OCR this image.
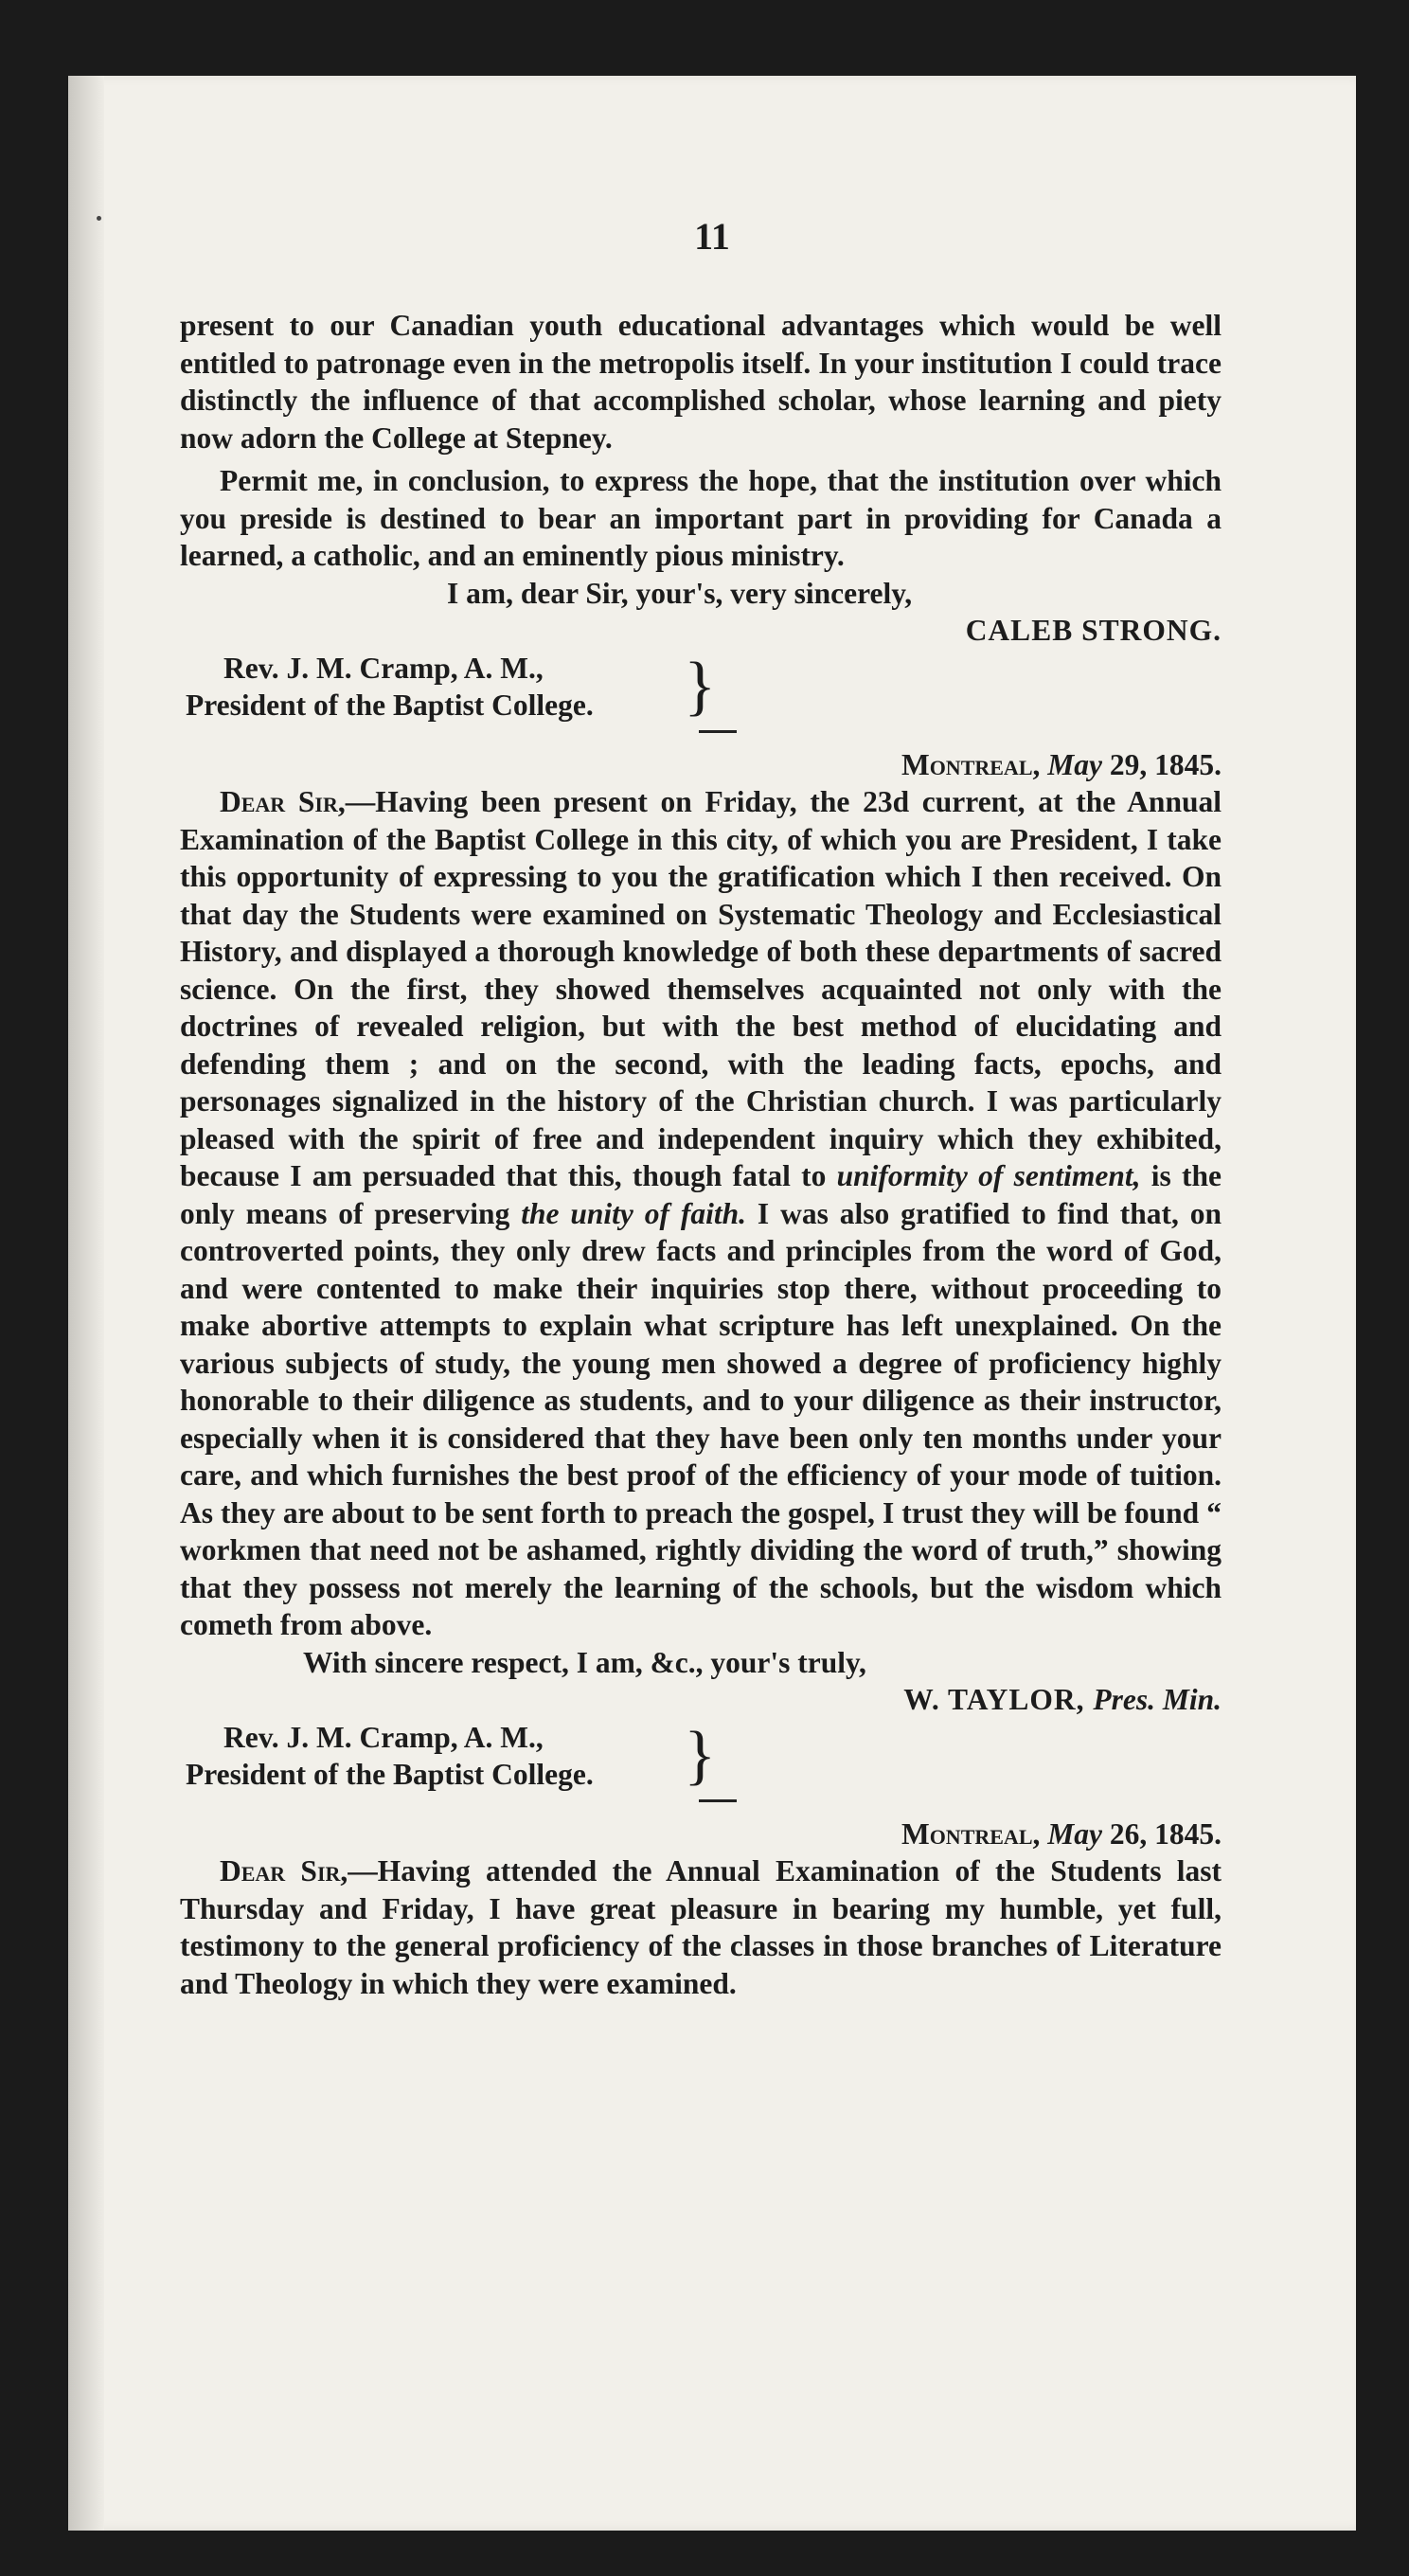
11

present to our Canadian youth educational advantages which would be well entitled to patronage even in the metropolis itself. In your institution I could trace distinctly the influence of that accomplished scholar, whose learning and piety now adorn the College at Stepney.

Permit me, in conclusion, to express the hope, that the institution over which you preside is destined to bear an important part in providing for Canada a learned, a catholic, and an eminently pious ministry.

I am, dear Sir, your's, very sincerely,

CALEB STRONG.
Rev. J. M. Cramp, A. M.,
President of the Baptist College. }
Montreal, May 29, 1845.

Dear Sir,—Having been present on Friday, the 23d current, at the Annual Examination of the Baptist College in this city, of which you are President, I take this opportunity of expressing to you the gratification which I then received. On that day the Students were examined on Systematic Theology and Ecclesiastical History, and displayed a thorough knowledge of both these departments of sacred science. On the first, they showed themselves acquainted not only with the doctrines of revealed religion, but with the best method of elucidating and defending them ; and on the second, with the leading facts, epochs, and personages signalized in the history of the Christian church. I was particularly pleased with the spirit of free and independent inquiry which they exhibited, because I am persuaded that this, though fatal to uniformity of sentiment, is the only means of preserving the unity of faith. I was also gratified to find that, on controverted points, they only drew facts and principles from the word of God, and were contented to make their inquiries stop there, without proceeding to make abortive attempts to explain what scripture has left unexplained. On the various subjects of study, the young men showed a degree of proficiency highly honorable to their diligence as students, and to your diligence as their instructor, especially when it is considered that they have been only ten months under your care, and which furnishes the best proof of the efficiency of your mode of tuition. As they are about to be sent forth to preach the gospel, I trust they will be found “ workmen that need not be ashamed, rightly dividing the word of truth,” showing that they possess not merely the learning of the schools, but the wisdom which cometh from above.

With sincere respect, I am, &c., your's truly,

W. TAYLOR, Pres. Min.
Rev. J. M. Cramp, A. M.,
President of the Baptist College. }
Montreal, May 26, 1845.

Dear Sir,—Having attended the Annual Examination of the Students last Thursday and Friday, I have great pleasure in bearing my humble, yet full, testimony to the general proficiency of the classes in those branches of Literature and Theology in which they were examined.
